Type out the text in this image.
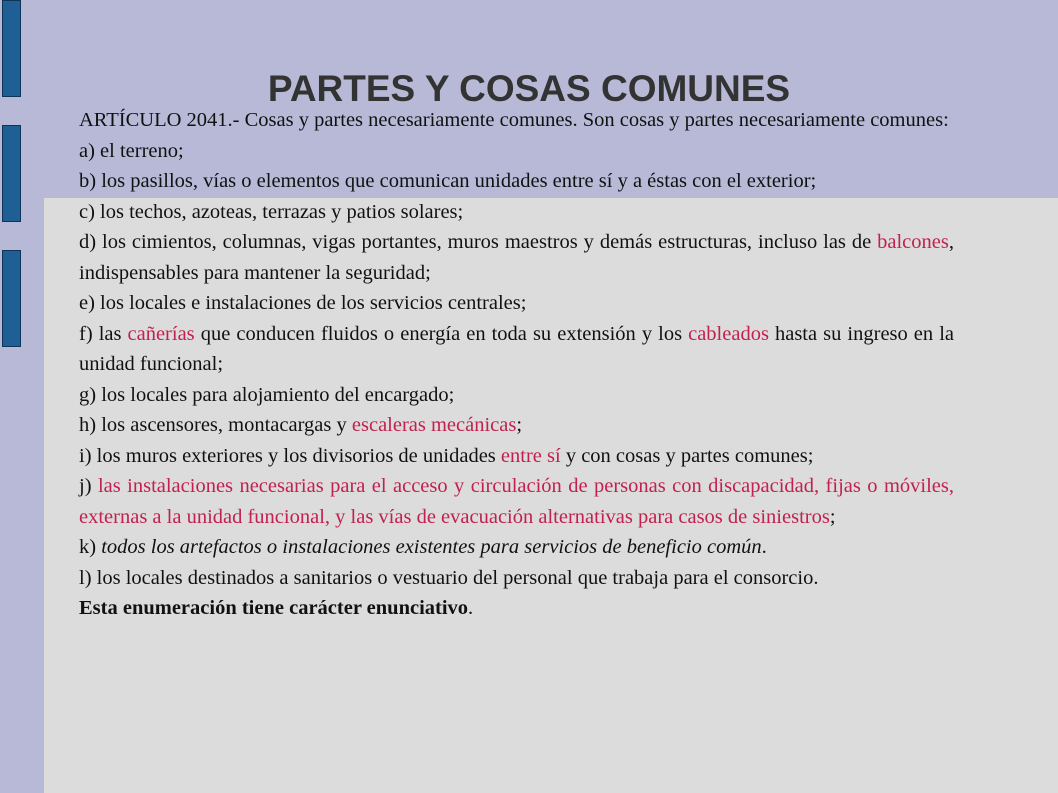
PARTES Y COSAS COMUNES

ARTÍCULO 2041.- Cosas y partes necesariamente comunes. Son cosas y partes necesariamente comunes:

a) el terreno;

b) los pasillos, vías o elementos que comunican unidades entre sí y a éstas con el exterior;

c) los techos, azoteas, terrazas y patios solares;

d) los cimientos, columnas, vigas portantes, muros maestros y demás estructuras, incluso las de balcones, indispensables para mantener la seguridad;

e) los locales e instalaciones de los servicios centrales;

f) las cañerías que conducen fluidos o energía en toda su extensión y los cableados hasta su ingreso en la unidad funcional;

g) los locales para alojamiento del encargado;

h) los ascensores, montacargas y escaleras mecánicas;

i) los muros exteriores y los divisorios de unidades entre sí y con cosas y partes comunes;

j) las instalaciones necesarias para el acceso y circulación de personas con discapacidad, fijas o móviles, externas a la unidad funcional, y las vías de evacuación alternativas para casos de siniestros;

k) todos los artefactos o instalaciones existentes para servicios de beneficio común.

l) los locales destinados a sanitarios o vestuario del personal que trabaja para el consorcio.

Esta enumeración tiene carácter enunciativo.
